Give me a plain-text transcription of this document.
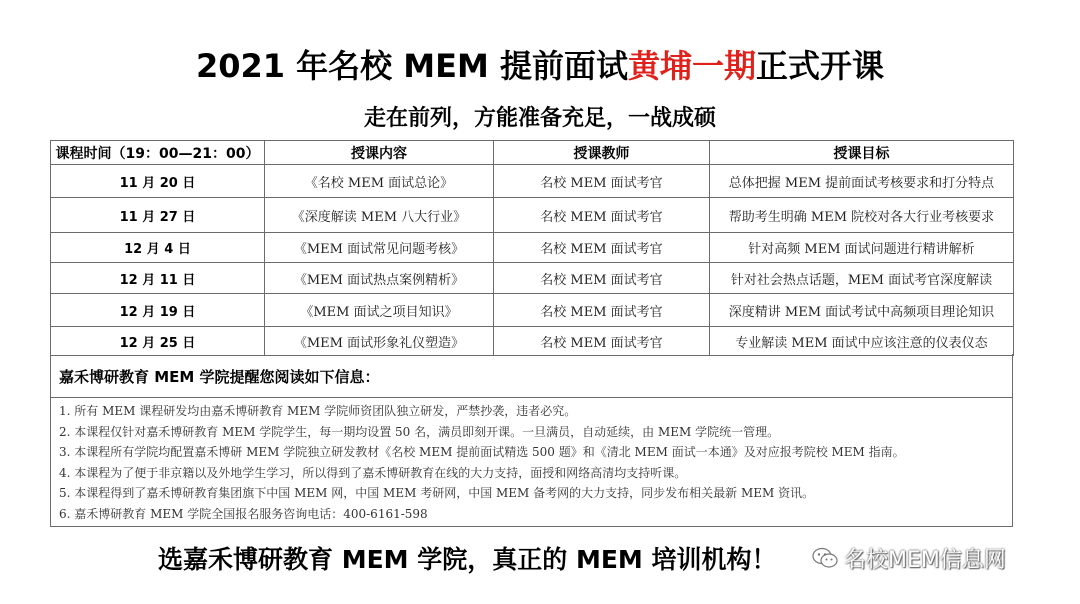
2021 年名校 MEM 提前面试黄埔一期正式开课
走在前列，方能准备充足，一战成硕
课程时间（19：00—21：00）	授课内容	授课教师	授课目标
11 月 20 日	《名校 MEM 面试总论》	名校 MEM 面试考官	总体把握 MEM 提前面试考核要求和打分特点
11 月 27 日	《深度解读 MEM 八大行业》	名校 MEM 面试考官	帮助考生明确 MEM 院校对各大行业考核要求
12 月 4 日	《MEM 面试常见问题考核》	名校 MEM 面试考官	针对高频 MEM 面试问题进行精讲解析
12 月 11 日	《MEM 面试热点案例精析》	名校 MEM 面试考官	针对社会热点话题，MEM 面试考官深度解读
12 月 19 日	《MEM 面试之项目知识》	名校 MEM 面试考官	深度精讲 MEM 面试考试中高频项目理论知识
12 月 25 日	《MEM 面试形象礼仪塑造》	名校 MEM 面试考官	专业解读 MEM 面试中应该注意的仪表仪态
嘉禾博研教育 MEM 学院提醒您阅读如下信息：
1. 所有 MEM 课程研发均由嘉禾博研教育 MEM 学院师资团队独立研发，严禁抄袭，违者必究。
2. 本课程仅针对嘉禾博研教育 MEM 学院学生，每一期均设置 50 名，满员即刻开课。一旦满员，自动延续，由 MEM 学院统一管理。
3. 本课程所有学院均配置嘉禾博研 MEM 学院独立研发教材《名校 MEM 提前面试精选 500 题》和《清北 MEM 面试一本通》及对应报考院校 MEM 指南。
4. 本课程为了便于非京籍以及外地学生学习，所以得到了嘉禾博研教育在线的大力支持，面授和网络高清均支持听课。
5. 本课程得到了嘉禾博研教育集团旗下中国 MEM 网，中国 MEM 考研网，中国 MEM 备考网的大力支持，同步发布相关最新 MEM 资讯。
6. 嘉禾博研教育 MEM 学院全国报名服务咨询电话：400-6161-598
选嘉禾博研教育 MEM 学院，真正的 MEM 培训机构！	名校MEM信息网
